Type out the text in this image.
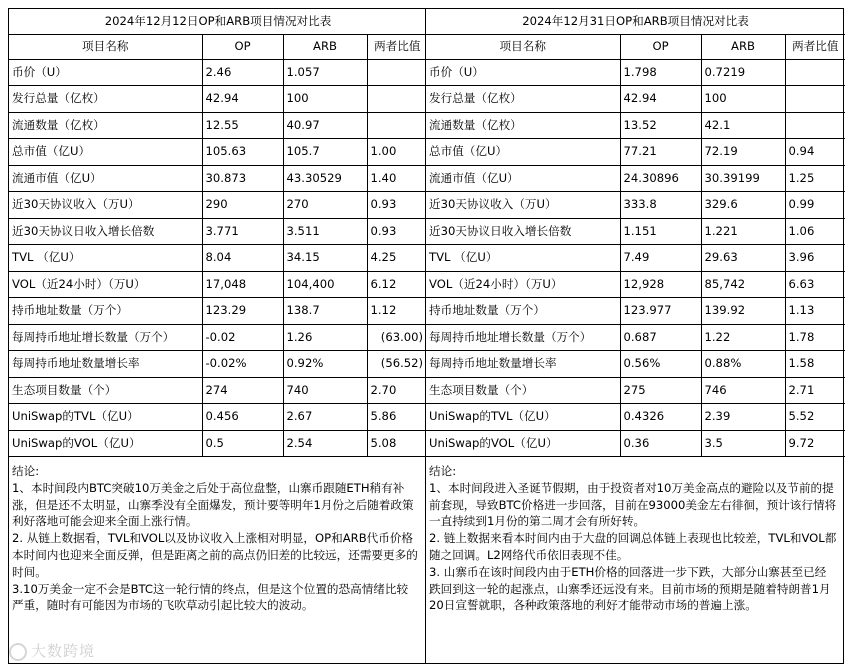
2024年12月12日OP和ARB项目情况对比表			
项目名称	OP	ARB	两者比值
币价（U）	2.46	1.057	
发行总量（亿枚）	42.94	100	
流通数量（亿枚）	12.55	40.97	
总市值（亿U）	105.63	105.7	1.00
流通市值（亿U）	30.873	43.30529	1.40
近30天协议收入（万U）	290	270	0.93
近30天协议日收入增长倍数	3.771	3.511	0.93
TVL （亿U）	8.04	34.15	4.25
VOL（近24小时）（万U）	17,048	104,400	6.12
持币地址数量（万个）	123.29	138.7	1.12
每周持币地址增长数量（万个）	-0.02	1.26	(63.00)
每周持币地址数量增长率	-0.02%	0.92%	(56.52)
生态项目数量（个）	274	740	2.70
UniSwap的TVL（亿U）	0.456	2.67	5.86
UniSwap的VOL（亿U）	0.5	2.54	5.08

结论:

1、本时间段内BTC突破10万美金之后处于高位盘整，山寨币跟随ETH稍有补涨，但是还不太明显，山寨季没有全面爆发，预计要等明年1月份之后随着政策利好落地可能会迎来全面上涨行情。

2. 从链上数据看，TVL和VOL以及协议收入上涨相对明显，OP和ARB代币价格本时间内也迎来全面反弹，但是距离之前的高点仍旧差的比较远，还需要更多的时间。

3.10万美金一定不会是BTC这一轮行情的终点，但是这个位置的恐高情绪比较严重，随时有可能因为市场的飞吹草动引起比较大的波动。

2024年12月31日OP和ARB项目情况对比表			
项目名称	OP	ARB	两者比值
币价（U）	1.798	0.7219	
发行总量（亿枚）	42.94	100	
流通数量（亿枚）	13.52	42.1	
总市值（亿U）	77.21	72.19	0.94
流通市值（亿U）	24.30896	30.39199	1.25
近30天协议收入（万U）	333.8	329.6	0.99
近30天协议日收入增长倍数	1.151	1.221	1.06
TVL （亿U）	7.49	29.63	3.96
VOL（近24小时）（万U）	12,928	85,742	6.63
持币地址数量（万个）	123.977	139.92	1.13
每周持币地址增长数量（万个）	0.687	1.22	1.78
每周持币地址数量增长率	0.56%	0.88%	1.58
生态项目数量（个）	275	746	2.71
UniSwap的TVL（亿U）	0.4326	2.39	5.52
UniSwap的VOL（亿U）	0.36	3.5	9.72

结论:

1、本时间段进入圣诞节假期，由于投资者对10万美金高点的避险以及节前的提前套现，导致BTC价格进一步回落，目前在93000美金左右徘徊，预计该行情将一直持续到1月份的第二周才会有所好转。

2. 链上数据来看本时间内由于大盘的回调总体链上表现也比较差，TVL和VOL都随之回调。L2网络代币依旧表现不佳。

3. 山寨币在该时间段内由于ETH价格的回落进一步下跌，大部分山寨甚至已经跌回到这一轮的起涨点，山寨季还远没有来。目前市场的预期是随着特朗普1月20日宣誓就职，各种政策落地的利好才能带动市场的普遍上涨。

大数跨境
